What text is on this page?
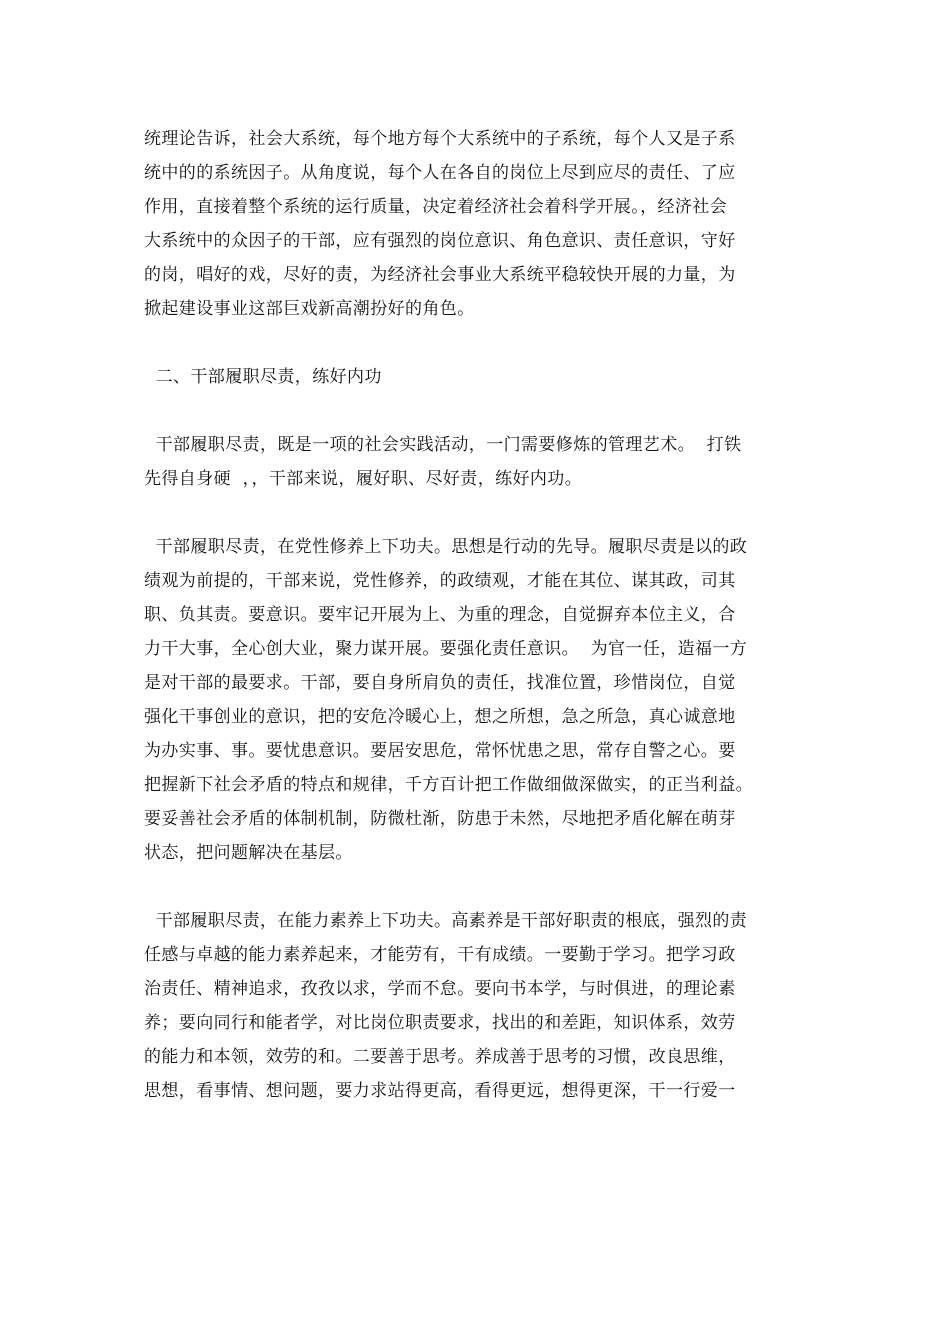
统理论告诉，社会大系统，每个地方每个大系统中的子系统，每个人又是子系
统中的的系统因子。从角度说，每个人在各自的岗位上尽到应尽的责任、了应
作用，直接着整个系统的运行质量，决定着经济社会着科学开展。，经济社会
大系统中的众因子的干部，应有强烈的岗位意识、角色意识、责任意识，守好
的岗，唱好的戏，尽好的责，为经济社会事业大系统平稳较快开展的力量，为
掀起建设事业这部巨戏新高潮扮好的角色。
二、干部履职尽责，练好内功
干部履职尽责，既是一项的社会实践活动，一门需要修炼的管理艺术。  打铁
先得自身硬  ，，干部来说，履好职、尽好责，练好内功。
干部履职尽责，在党性修养上下功夫。思想是行动的先导。履职尽责是以的政
绩观为前提的，干部来说，党性修养，的政绩观，才能在其位、谋其政，司其
职、负其责。要意识。要牢记开展为上、为重的理念，自觉摒弃本位主义，合
力干大事，全心创大业，聚力谋开展。要强化责任意识。  为官一任，造福一方
是对干部的最要求。干部，要自身所肩负的责任，找准位置，珍惜岗位，自觉
强化干事创业的意识，把的安危冷暖心上，想之所想，急之所急，真心诚意地
为办实事、事。要忧患意识。要居安思危，常怀忧患之思，常存自警之心。要
把握新下社会矛盾的特点和规律，千方百计把工作做细做深做实，的正当利益。
要妥善社会矛盾的体制机制，防微杜渐，防患于未然，尽地把矛盾化解在萌芽
状态，把问题解决在基层。
干部履职尽责，在能力素养上下功夫。高素养是干部好职责的根底，强烈的责
任感与卓越的能力素养起来，才能劳有，干有成绩。一要勤于学习。把学习政
治责任、精神追求，孜孜以求，学而不怠。要向书本学，与时俱进，的理论素
养；要向同行和能者学，对比岗位职责要求，找出的和差距，知识体系，效劳
的能力和本领，效劳的和。二要善于思考。养成善于思考的习惯，改良思维，
思想，看事情、想问题，要力求站得更高，看得更远，想得更深，干一行爱一
